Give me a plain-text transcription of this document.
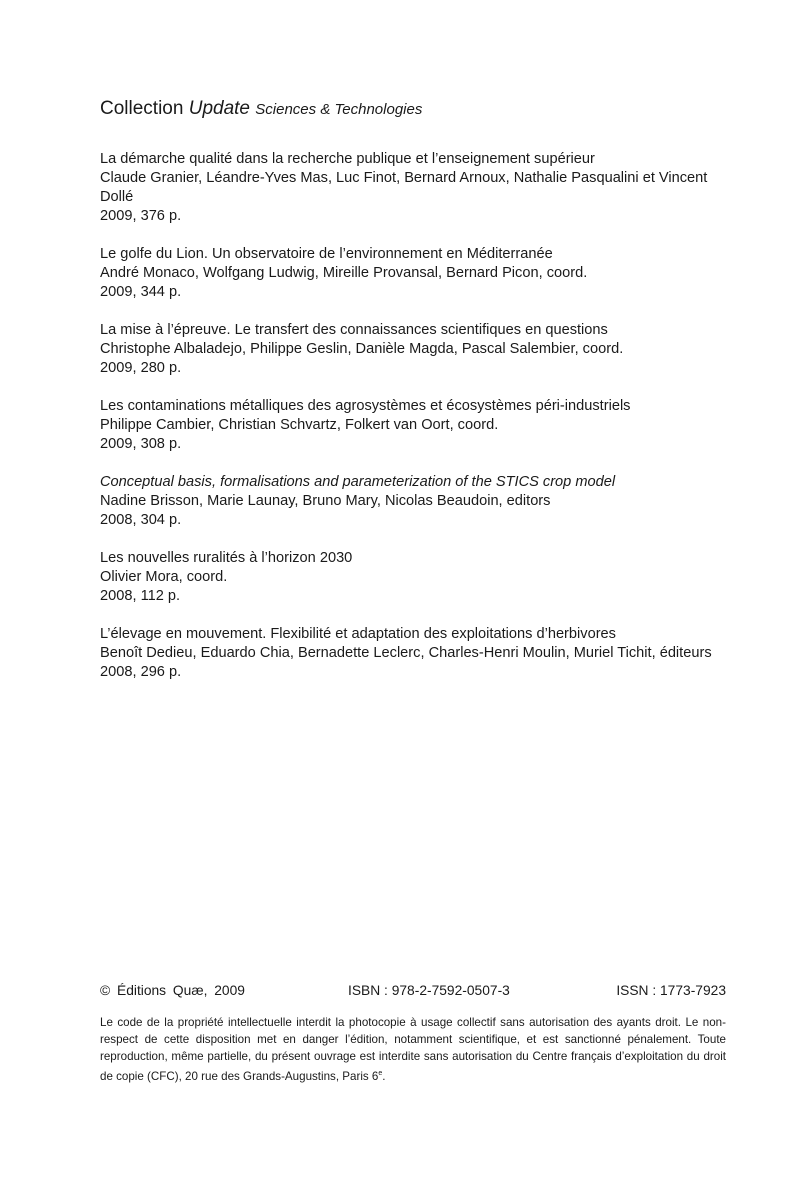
Collection Update Sciences & Technologies
La démarche qualité dans la recherche publique et l’enseignement supérieur
Claude Granier, Léandre-Yves Mas, Luc Finot, Bernard Arnoux, Nathalie Pasqualini et Vincent Dollé
2009, 376 p.
Le golfe du Lion. Un observatoire de l’environnement en Méditerranée
André Monaco, Wolfgang Ludwig, Mireille Provansal, Bernard Picon, coord.
2009, 344 p.
La mise à l’épreuve. Le transfert des connaissances scientifiques en questions
Christophe Albaladejo, Philippe Geslin, Danièle Magda, Pascal Salembier, coord.
2009, 280 p.
Les contaminations métalliques des agrosystèmes et écosystèmes péri-industriels
Philippe Cambier, Christian Schvartz, Folkert van Oort, coord.
2009, 308 p.
Conceptual basis, formalisations and parameterization of the STICS crop model
Nadine Brisson, Marie Launay, Bruno Mary, Nicolas Beaudoin, editors
2008, 304 p.
Les nouvelles ruralités à l’horizon 2030
Olivier Mora, coord.
2008, 112 p.
L’élevage en mouvement. Flexibilité et adaptation des exploitations d’herbivores
Benoît Dedieu, Eduardo Chia, Bernadette Leclerc, Charles-Henri Moulin, Muriel Tichit, éditeurs
2008, 296 p.
© Éditions Quæ, 2009	ISBN : 978-2-7592-0507-3	ISSN : 1773-7923

Le code de la propriété intellectuelle interdit la photocopie à usage collectif sans autorisation des ayants droit. Le non-respect de cette disposition met en danger l’édition, notamment scientifique, et est sanctionné pénalement. Toute reproduction, même partielle, du présent ouvrage est interdite sans autorisation du Centre français d’exploitation du droit de copie (CFC), 20 rue des Grands-Augustins, Paris 6e.
